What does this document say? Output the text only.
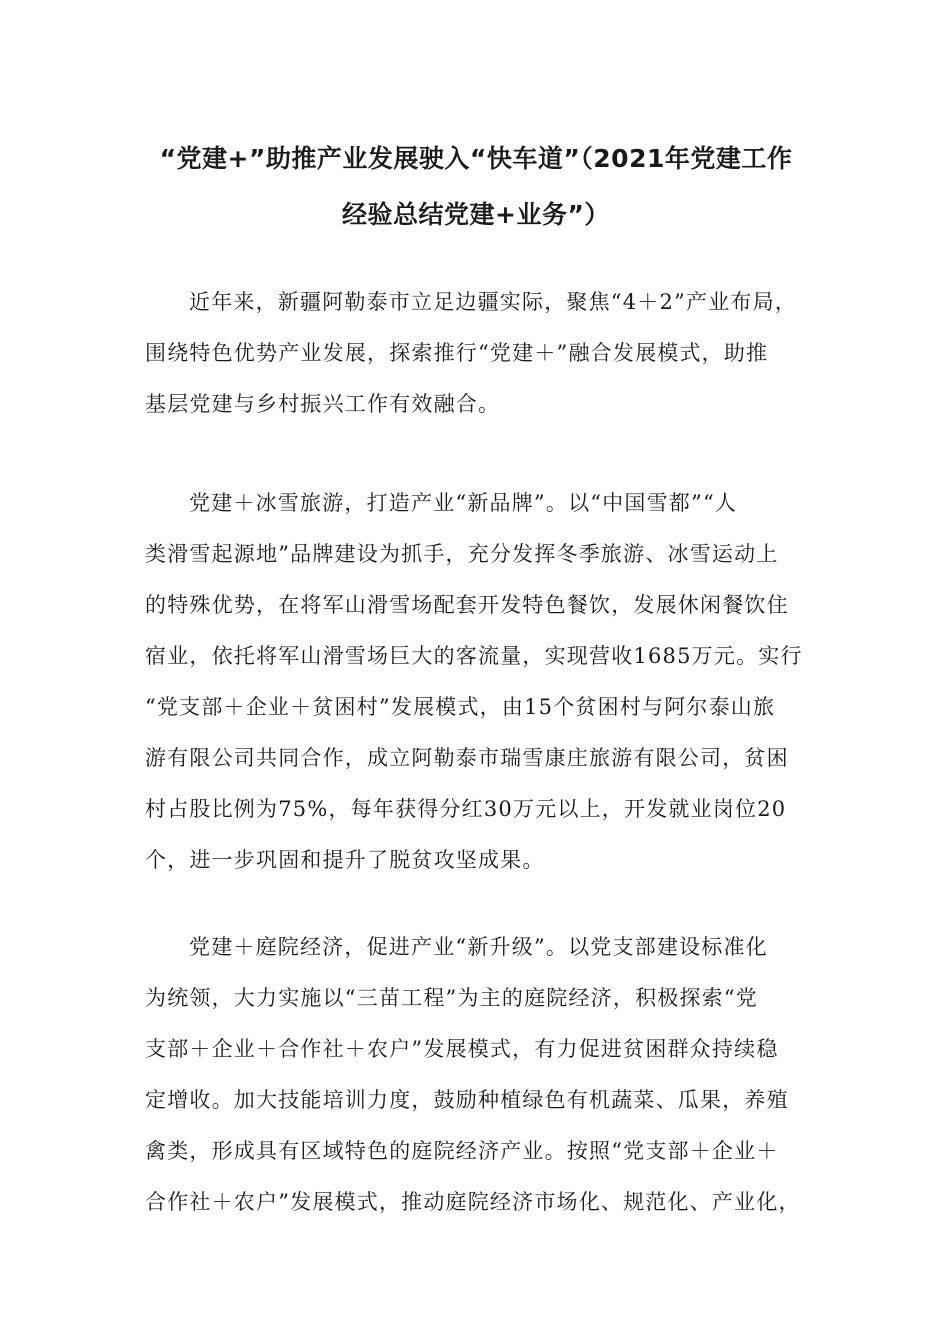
“党建+”助推产业发展驶入“快车道”（2021年党建工作
经验总结党建+业务”）
近年来，新疆阿勒泰市立足边疆实际，聚焦“4＋2”产业布局，
围绕特色优势产业发展，探索推行“党建＋”融合发展模式，助推
基层党建与乡村振兴工作有效融合。
党建＋冰雪旅游，打造产业“新品牌”。以“中国雪都”“人
类滑雪起源地”品牌建设为抓手，充分发挥冬季旅游、冰雪运动上
的特殊优势，在将军山滑雪场配套开发特色餐饮，发展休闲餐饮住
宿业，依托将军山滑雪场巨大的客流量，实现营收1685万元。实行
“党支部＋企业＋贫困村”发展模式，由15个贫困村与阿尔泰山旅
游有限公司共同合作，成立阿勒泰市瑞雪康庄旅游有限公司，贫困
村占股比例为75%，每年获得分红30万元以上，开发就业岗位20
个，进一步巩固和提升了脱贫攻坚成果。
党建＋庭院经济，促进产业“新升级”。以党支部建设标准化
为统领，大力实施以“三苗工程”为主的庭院经济，积极探索“党
支部＋企业＋合作社＋农户”发展模式，有力促进贫困群众持续稳
定增收。加大技能培训力度，鼓励种植绿色有机蔬菜、瓜果，养殖
禽类，形成具有区域特色的庭院经济产业。按照“党支部＋企业＋
合作社＋农户”发展模式，推动庭院经济市场化、规范化、产业化，
